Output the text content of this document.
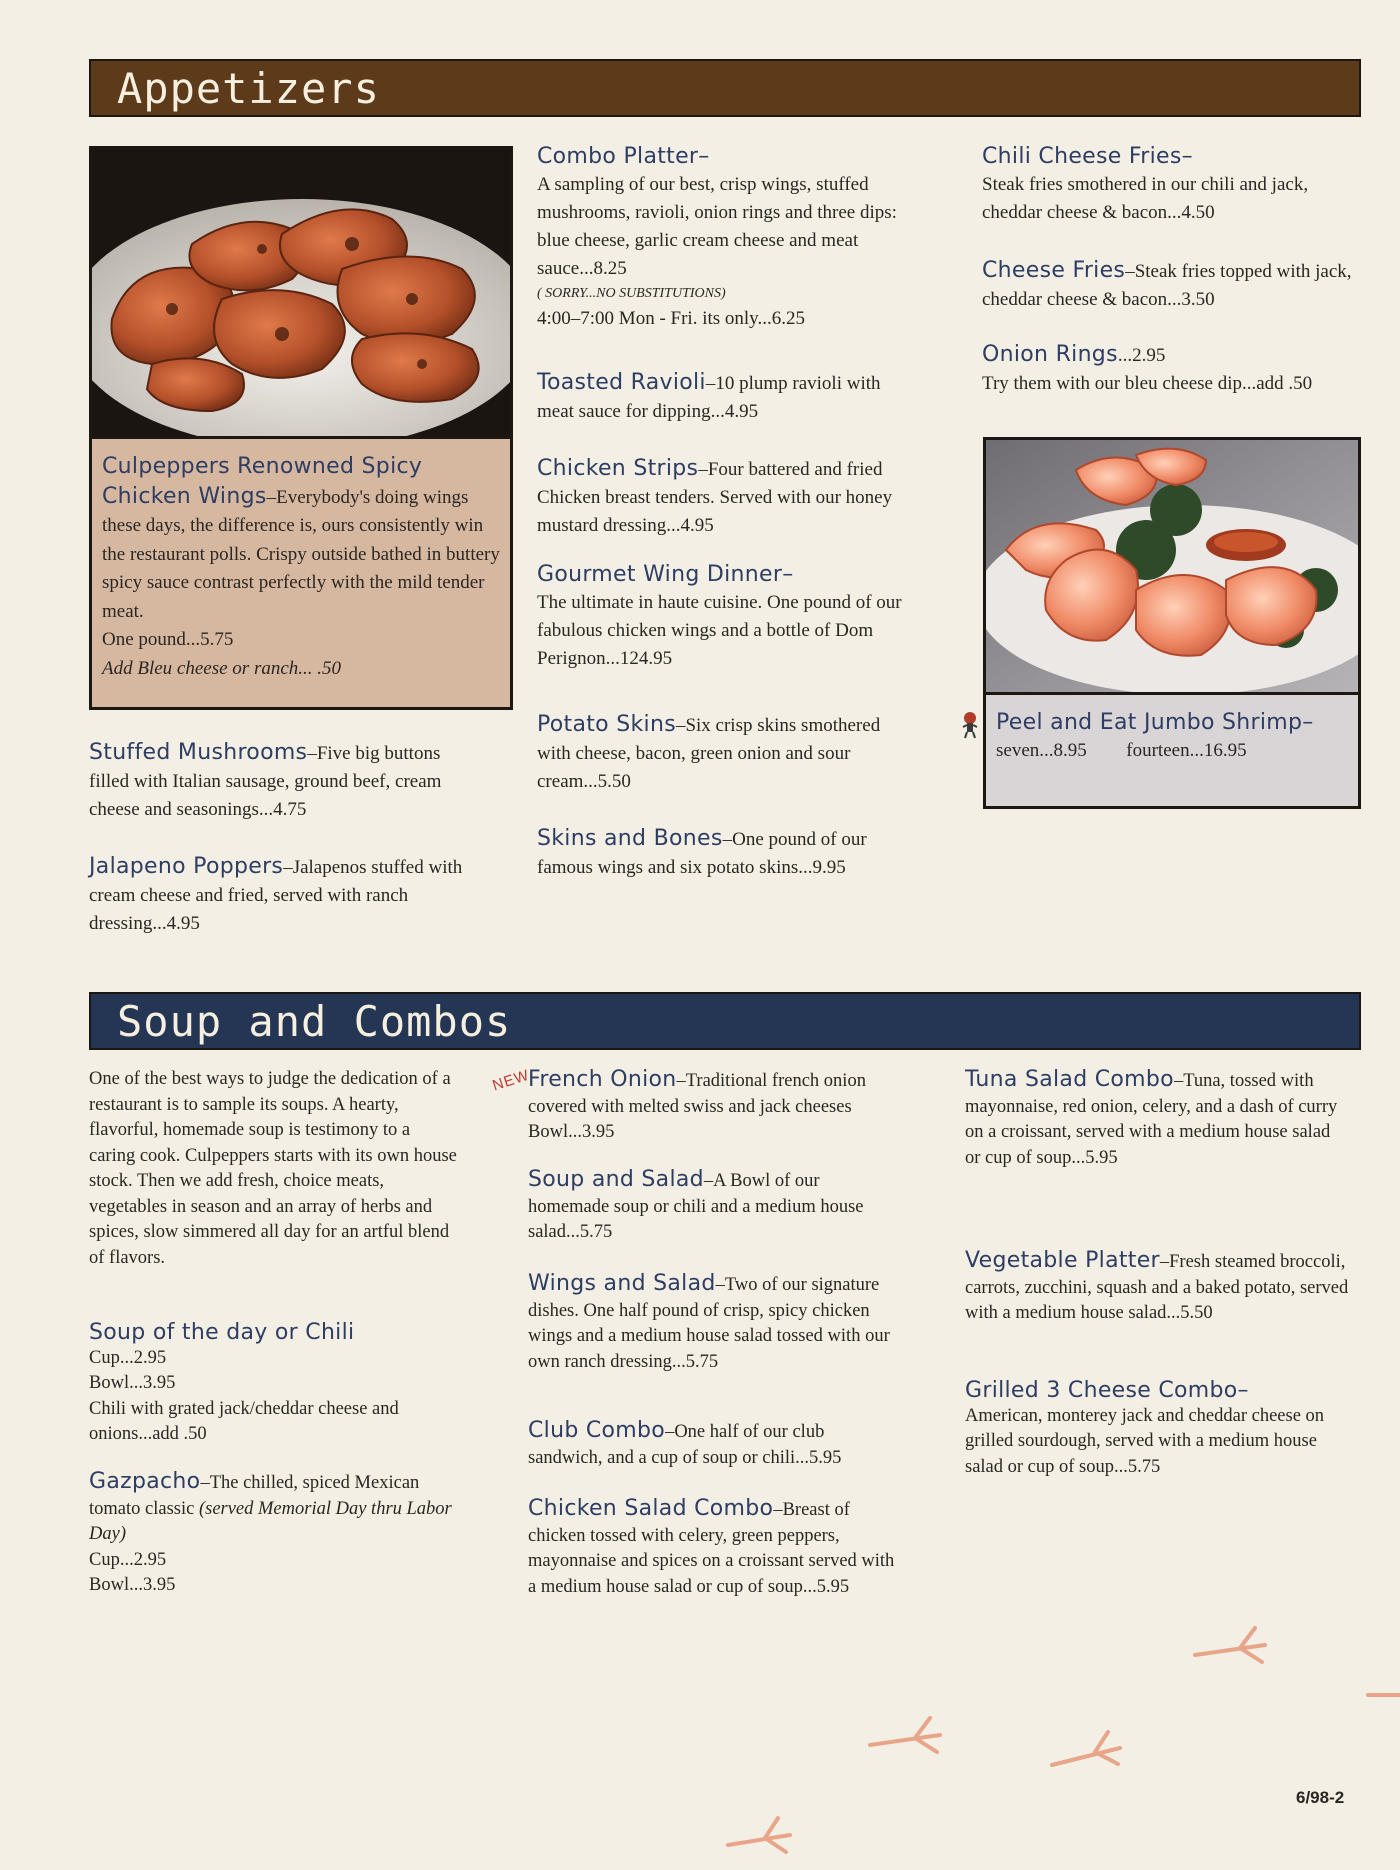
Appetizers
Culpeppers Renowned Spicy Chicken Wings–Everybody's doing wings these days, the difference is, ours consistently win the restaurant polls. Crispy outside bathed in buttery spicy sauce contrast perfectly with the mild tender meat.
One pound...5.75
Add Bleu cheese or ranch... .50
Stuffed Mushrooms–Five big buttons filled with Italian sausage, ground beef, cream cheese and seasonings...4.75
Jalapeno Poppers–Jalapenos stuffed with cream cheese and fried, served with ranch dressing...4.95
Combo Platter–
A sampling of our best, crisp wings, stuffed mushrooms, ravioli, onion rings and three dips: blue cheese, garlic cream cheese and meat sauce...8.25
( SORRY...NO SUBSTITUTIONS)
4:00–7:00 Mon - Fri. its only...6.25
Toasted Ravioli–10 plump ravioli with meat sauce for dipping...4.95
Chicken Strips–Four battered and fried Chicken breast tenders. Served with our honey mustard dressing...4.95
Gourmet Wing Dinner–
The ultimate in haute cuisine. One pound of our fabulous chicken wings and a bottle of Dom Perignon...124.95
Potato Skins–Six crisp skins smothered with cheese, bacon, green onion and sour cream...5.50
Skins and Bones–One pound of our famous wings and six potato skins...9.95
Chili Cheese Fries–
Steak fries smothered in our chili and jack, cheddar cheese & bacon...4.50
Cheese Fries–Steak fries topped with jack, cheddar cheese & bacon...3.50
Onion Rings...2.95
Try them with our bleu cheese dip...add .50
Peel and Eat Jumbo Shrimp–
seven...8.95 fourteen...16.95
Soup and Combos
One of the best ways to judge the dedication of a restaurant is to sample its soups. A hearty, flavorful, homemade soup is testimony to a caring cook. Culpeppers starts with its own house stock. Then we add fresh, choice meats, vegetables in season and an array of herbs and spices, slow simmered all day for an artful blend of flavors.
Soup of the day or Chili
Cup...2.95
Bowl...3.95
Chili with grated jack/cheddar cheese and onions...add .50
Gazpacho–The chilled, spiced Mexican tomato classic (served Memorial Day thru Labor Day)
Cup...2.95
Bowl...3.95
NEW
French Onion–Traditional french onion covered with melted swiss and jack cheeses
Bowl...3.95
Soup and Salad–A Bowl of our homemade soup or chili and a medium house salad...5.75
Wings and Salad–Two of our signature dishes. One half pound of crisp, spicy chicken wings and a medium house salad tossed with our own ranch dressing...5.75
Club Combo–One half of our club sandwich, and a cup of soup or chili...5.95
Chicken Salad Combo–Breast of chicken tossed with celery, green peppers, mayonnaise and spices on a croissant served with a medium house salad or cup of soup...5.95
Tuna Salad Combo–Tuna, tossed with mayonnaise, red onion, celery, and a dash of curry on a croissant, served with a medium house salad or cup of soup...5.95
Vegetable Platter–Fresh steamed broccoli, carrots, zucchini, squash and a baked potato, served with a medium house salad...5.50
Grilled 3 Cheese Combo–
American, monterey jack and cheddar cheese on grilled sourdough, served with a medium house salad or cup of soup...5.75
6/98-2
